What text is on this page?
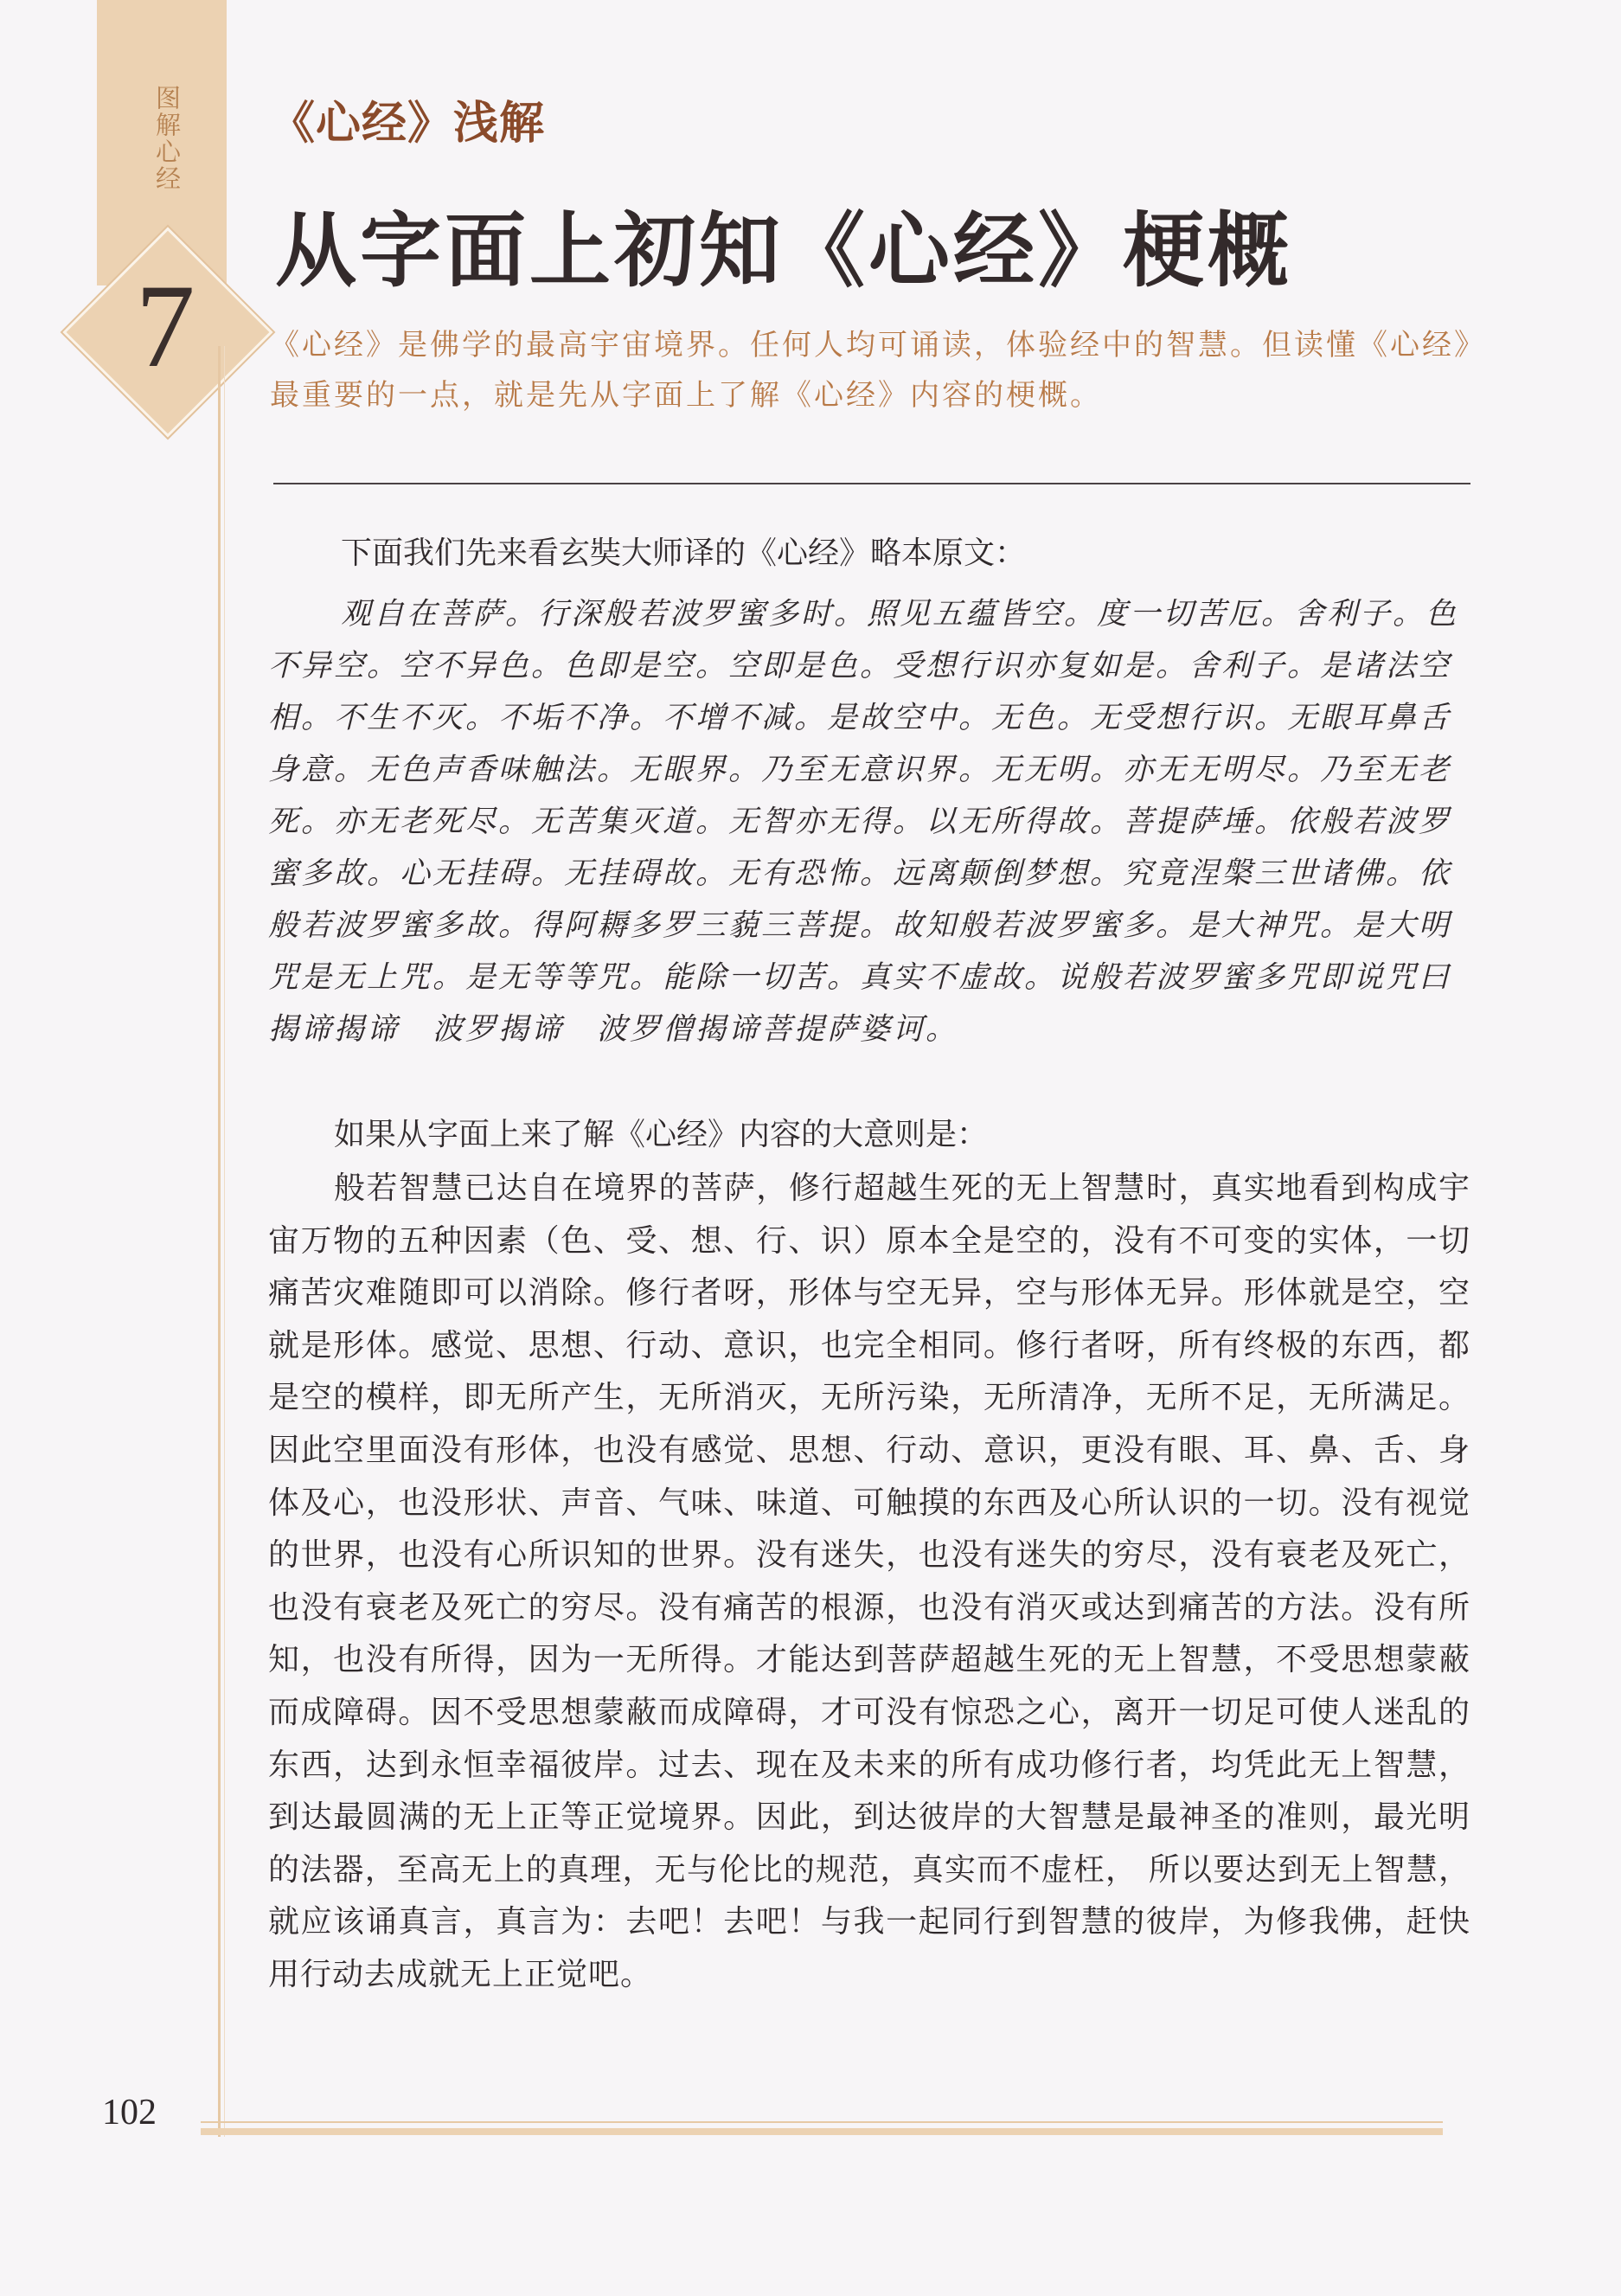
图解心经
7
《心经》浅解
从字面上初知《心经》梗概
《心经》是佛学的最高宇宙境界。任何人均可诵读，体验经中的智慧。但读懂《心经》最重要的一点，就是先从字面上了解《心经》内容的梗概。

下面我们先来看玄奘大师译的《心经》略本原文：

观自在菩萨。行深般若波罗蜜多时。照见五蕴皆空。度一切苦厄。舍利子。色不异空。空不异色。色即是空。空即是色。受想行识亦复如是。舍利子。是诸法空相。不生不灭。不垢不净。不增不减。是故空中。无色。无受想行识。无眼耳鼻舌身意。无色声香味触法。无眼界。乃至无意识界。无无明。亦无无明尽。乃至无老死。亦无老死尽。无苦集灭道。无智亦无得。以无所得故。菩提萨埵。依般若波罗蜜多故。心无挂碍。无挂碍故。无有恐怖。远离颠倒梦想。究竟涅槃三世诸佛。依般若波罗蜜多故。得阿耨多罗三藐三菩提。故知般若波罗蜜多。是大神咒。是大明咒是无上咒。是无等等咒。能除一切苦。真实不虚故。说般若波罗蜜多咒即说咒曰揭谛揭谛　波罗揭谛　波罗僧揭谛菩提萨婆诃。

如果从字面上来了解《心经》内容的大意则是：

般若智慧已达自在境界的菩萨，修行超越生死的无上智慧时，真实地看到构成宇宙万物的五种因素（色、受、想、行、识）原本全是空的，没有不可变的实体，一切痛苦灾难随即可以消除。修行者呀，形体与空无异，空与形体无异。形体就是空，空就是形体。感觉、思想、行动、意识，也完全相同。修行者呀，所有终极的东西，都是空的模样，即无所产生，无所消灭，无所污染，无所清净，无所不足，无所满足。因此空里面没有形体，也没有感觉、思想、行动、意识，更没有眼、耳、鼻、舌、身体及心，也没形状、声音、气味、味道、可触摸的东西及心所认识的一切。没有视觉的世界，也没有心所识知的世界。没有迷失，也没有迷失的穷尽，没有衰老及死亡，也没有衰老及死亡的穷尽。没有痛苦的根源，也没有消灭或达到痛苦的方法。没有所知，也没有所得，因为一无所得。才能达到菩萨超越生死的无上智慧，不受思想蒙蔽而成障碍。因不受思想蒙蔽而成障碍，才可没有惊恐之心，离开一切足可使人迷乱的东西，达到永恒幸福彼岸。过去、现在及未来的所有成功修行者，均凭此无上智慧，到达最圆满的无上正等正觉境界。因此，到达彼岸的大智慧是最神圣的准则，最光明的法器，至高无上的真理，无与伦比的规范，真实而不虚枉， 所以要达到无上智慧，就应该诵真言，真言为：去吧！去吧！与我一起同行到智慧的彼岸，为修我佛，赶快用行动去成就无上正觉吧。

102
